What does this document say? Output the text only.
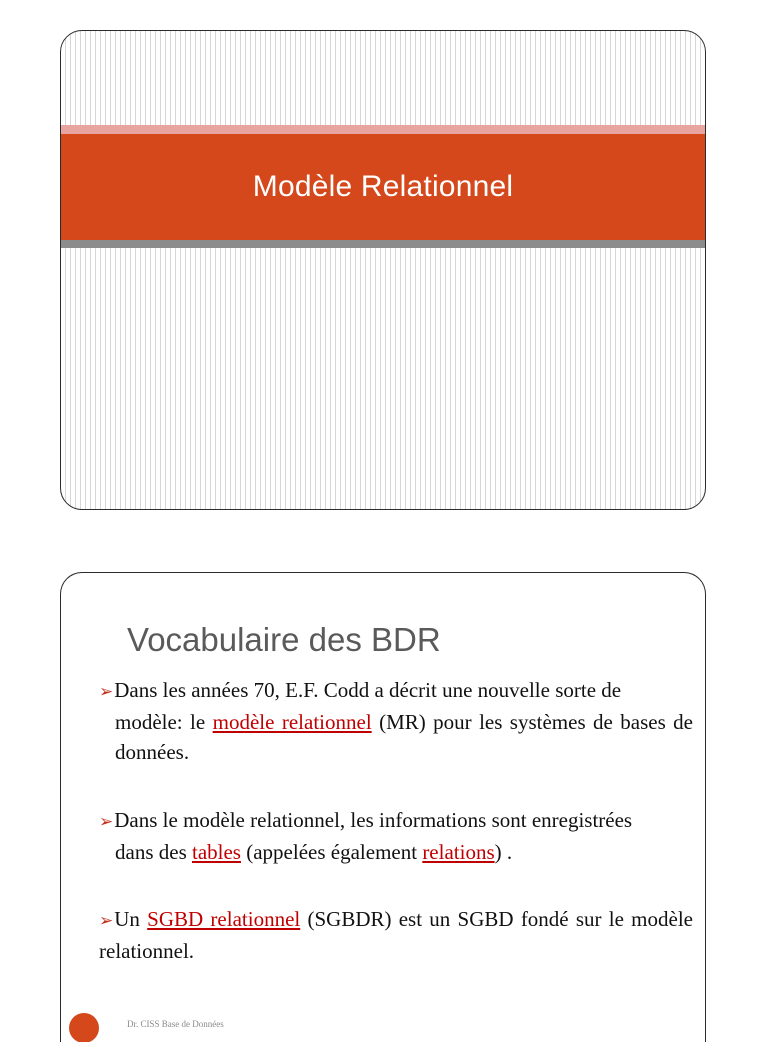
Modèle Relationnel
Vocabulaire des BDR
➢Dans les années 70, E.F. Codd a décrit une nouvelle sorte de
modèle: le modèle relationnel (MR) pour les systèmes de bases de données.
➢Dans le modèle relationnel, les informations sont enregistrées
dans des tables (appelées également relations) .
➢Un SGBD relationnel (SGBDR) est un SGBD fondé sur le modèle relationnel.
Dr. CISS Base de Données
